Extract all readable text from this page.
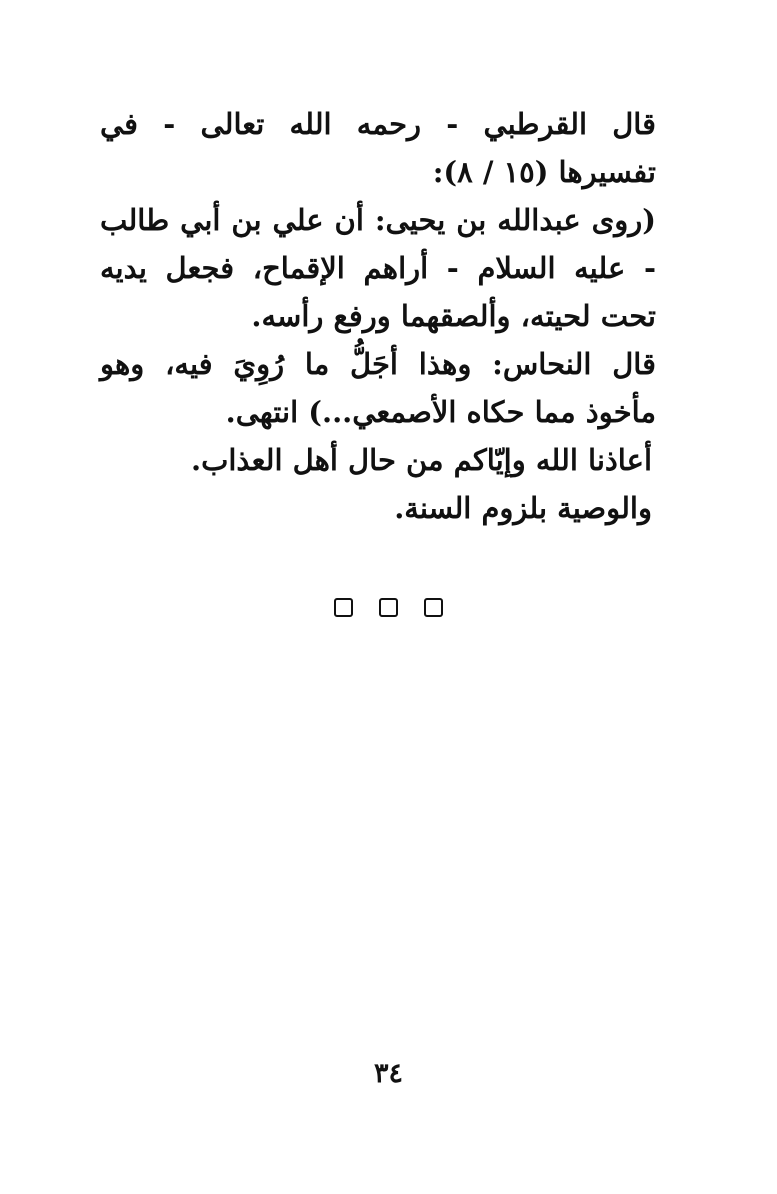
قال القرطبي - رحمه الله تعالى - في تفسيرها (١٥ / ٨):

(روى عبدالله بن يحيى: أن علي بن أبي طالب - عليه السلام - أراهم الإقماح، فجعل يديه تحت لحيته، وألصقهما ورفع رأسه.

قال النحاس: وهذا أجَلُّ ما رُوِيَ فيه، وهو مأخوذ مما حكاه الأصمعي...) انتهى.

أعاذنا الله وإيّاكم من حال أهل العذاب.

والوصية بلزوم السنة.

٣٤
